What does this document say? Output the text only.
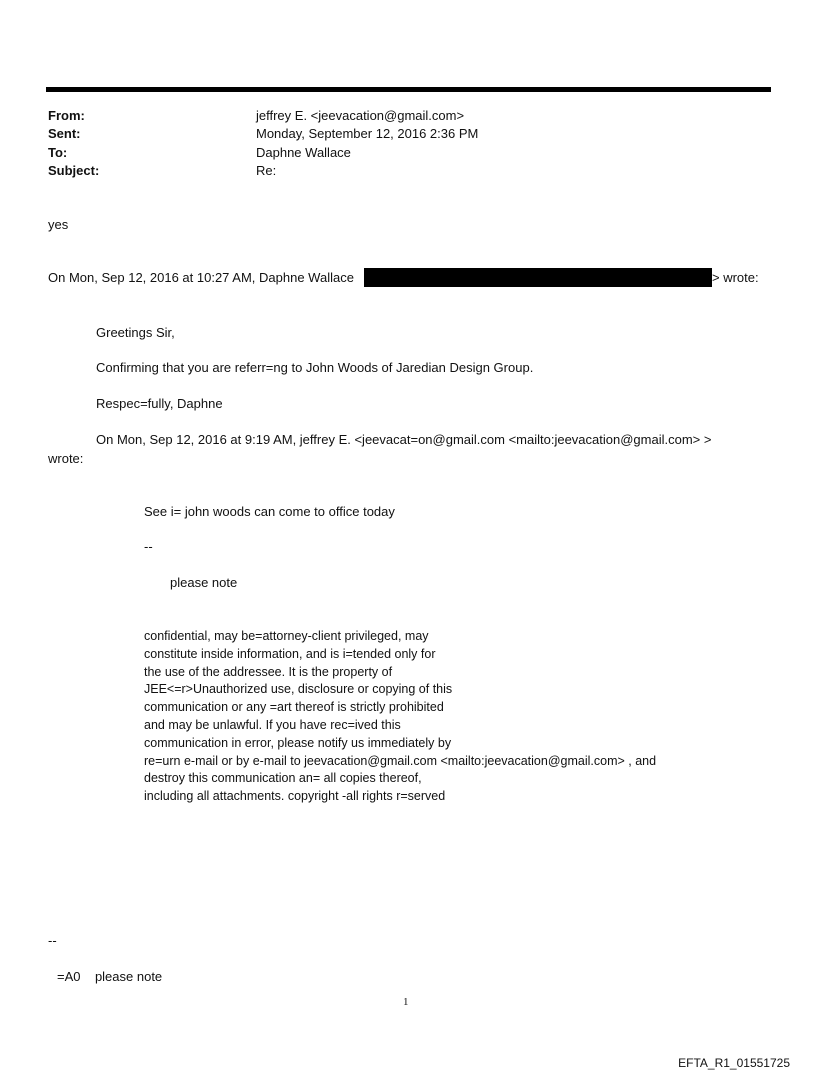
From:	jeffrey E. <jeevacation@gmail.com>
Sent:	Monday, September 12, 2016 2:36 PM
To:	Daphne Wallace
Subject:	Re:
yes
On Mon, Sep 12, 2016 at 10:27 AM, Daphne Wallace	> wrote:
Greetings Sir,
Confirming that you are referr=ng to John Woods of Jaredian Design Group.
Respec=fully, Daphne
On Mon, Sep 12, 2016 at 9:19 AM, jeffrey E. <jeevacat=on@gmail.com <mailto:jeevacation@gmail.com> >
wrote:
See i= john woods can come to office today
--
please note
confidential, may be=attorney-client privileged, may
constitute inside information, and is i=tended only for
the use of the addressee. It is the property of
JEE<=r>Unauthorized use, disclosure or copying of this
communication or any =art thereof is strictly prohibited
and may be unlawful. If you have rec=ived this
communication in error, please notify us immediately by
re=urn e-mail or by e-mail to jeevacation@gmail.com <mailto:jeevacation@gmail.com> , and
destroy this communication an= all copies thereof,
including all attachments. copyright -all rights r=served
--
=A0    please note
1
EFTA_R1_01551725
